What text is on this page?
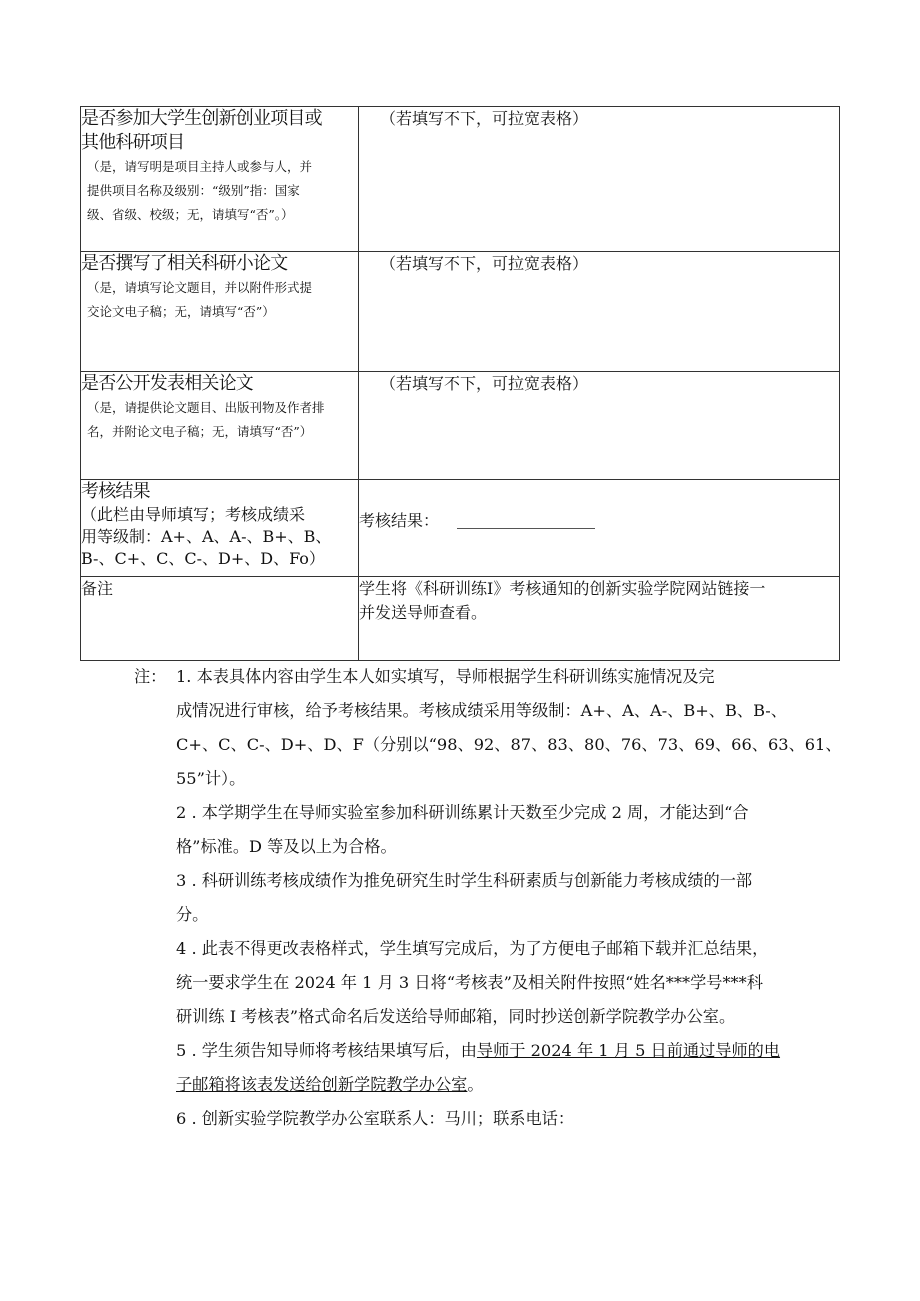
是否参加大学生创新创业项目或
其他科研项目
（是，请写明是项目主持人或参与人，并
提供项目名称及级别：“级别”指：国家
级、省级、校级；无，请填写“否”。）	（若填写不下，可拉宽表格）

是否撰写了相关科研小论文
（是，请填写论文题目，并以附件形式提
交论文电子稿；无，请填写“否”）	（若填写不下，可拉宽表格）

是否公开发表相关论文
（是，请提供论文题目、出版刊物及作者排
名，并附论文电子稿；无，请填写“否”）	（若填写不下，可拉宽表格）

考核结果
（此栏由导师填写；考核成绩采
用等级制：A+、A、A-、B+、B、
B-、C+、C、C-、D+、D、Fo）	考核结果：

备注	学生将《科研训练I》考核通知的创新实验学院网站链接一
并发送导师查看。
注： 1. 本表具体内容由学生本人如实填写，导师根据学生科研训练实施情况及完

成情况进行审核，给予考核结果。考核成绩采用等级制：A+、A、A-、B+、B、B-、

C+、C、C-、D+、D、F（分别以“98、92、87、83、80、76、73、69、66、63、61、

55”计）。

2 . 本学期学生在导师实验室参加科研训练累计天数至少完成 2 周，才能达到“合

格”标准。D 等及以上为合格。

3 . 科研训练考核成绩作为推免研究生时学生科研素质与创新能力考核成绩的一部

分。

4 . 此表不得更改表格样式，学生填写完成后，为了方便电子邮箱下载并汇总结果，

统一要求学生在 2024 年 1 月 3 日将“考核表”及相关附件按照“姓名***学号***科

研训练 I 考核表”格式命名后发送给导师邮箱，同时抄送创新学院教学办公室。

5 . 学生须告知导师将考核结果填写后，由导师于 2024 年 1 月 5 日前通过导师的电

子邮箱将该表发送给创新学院教学办公室。

6 . 创新实验学院教学办公室联系人：马川；联系电话：
